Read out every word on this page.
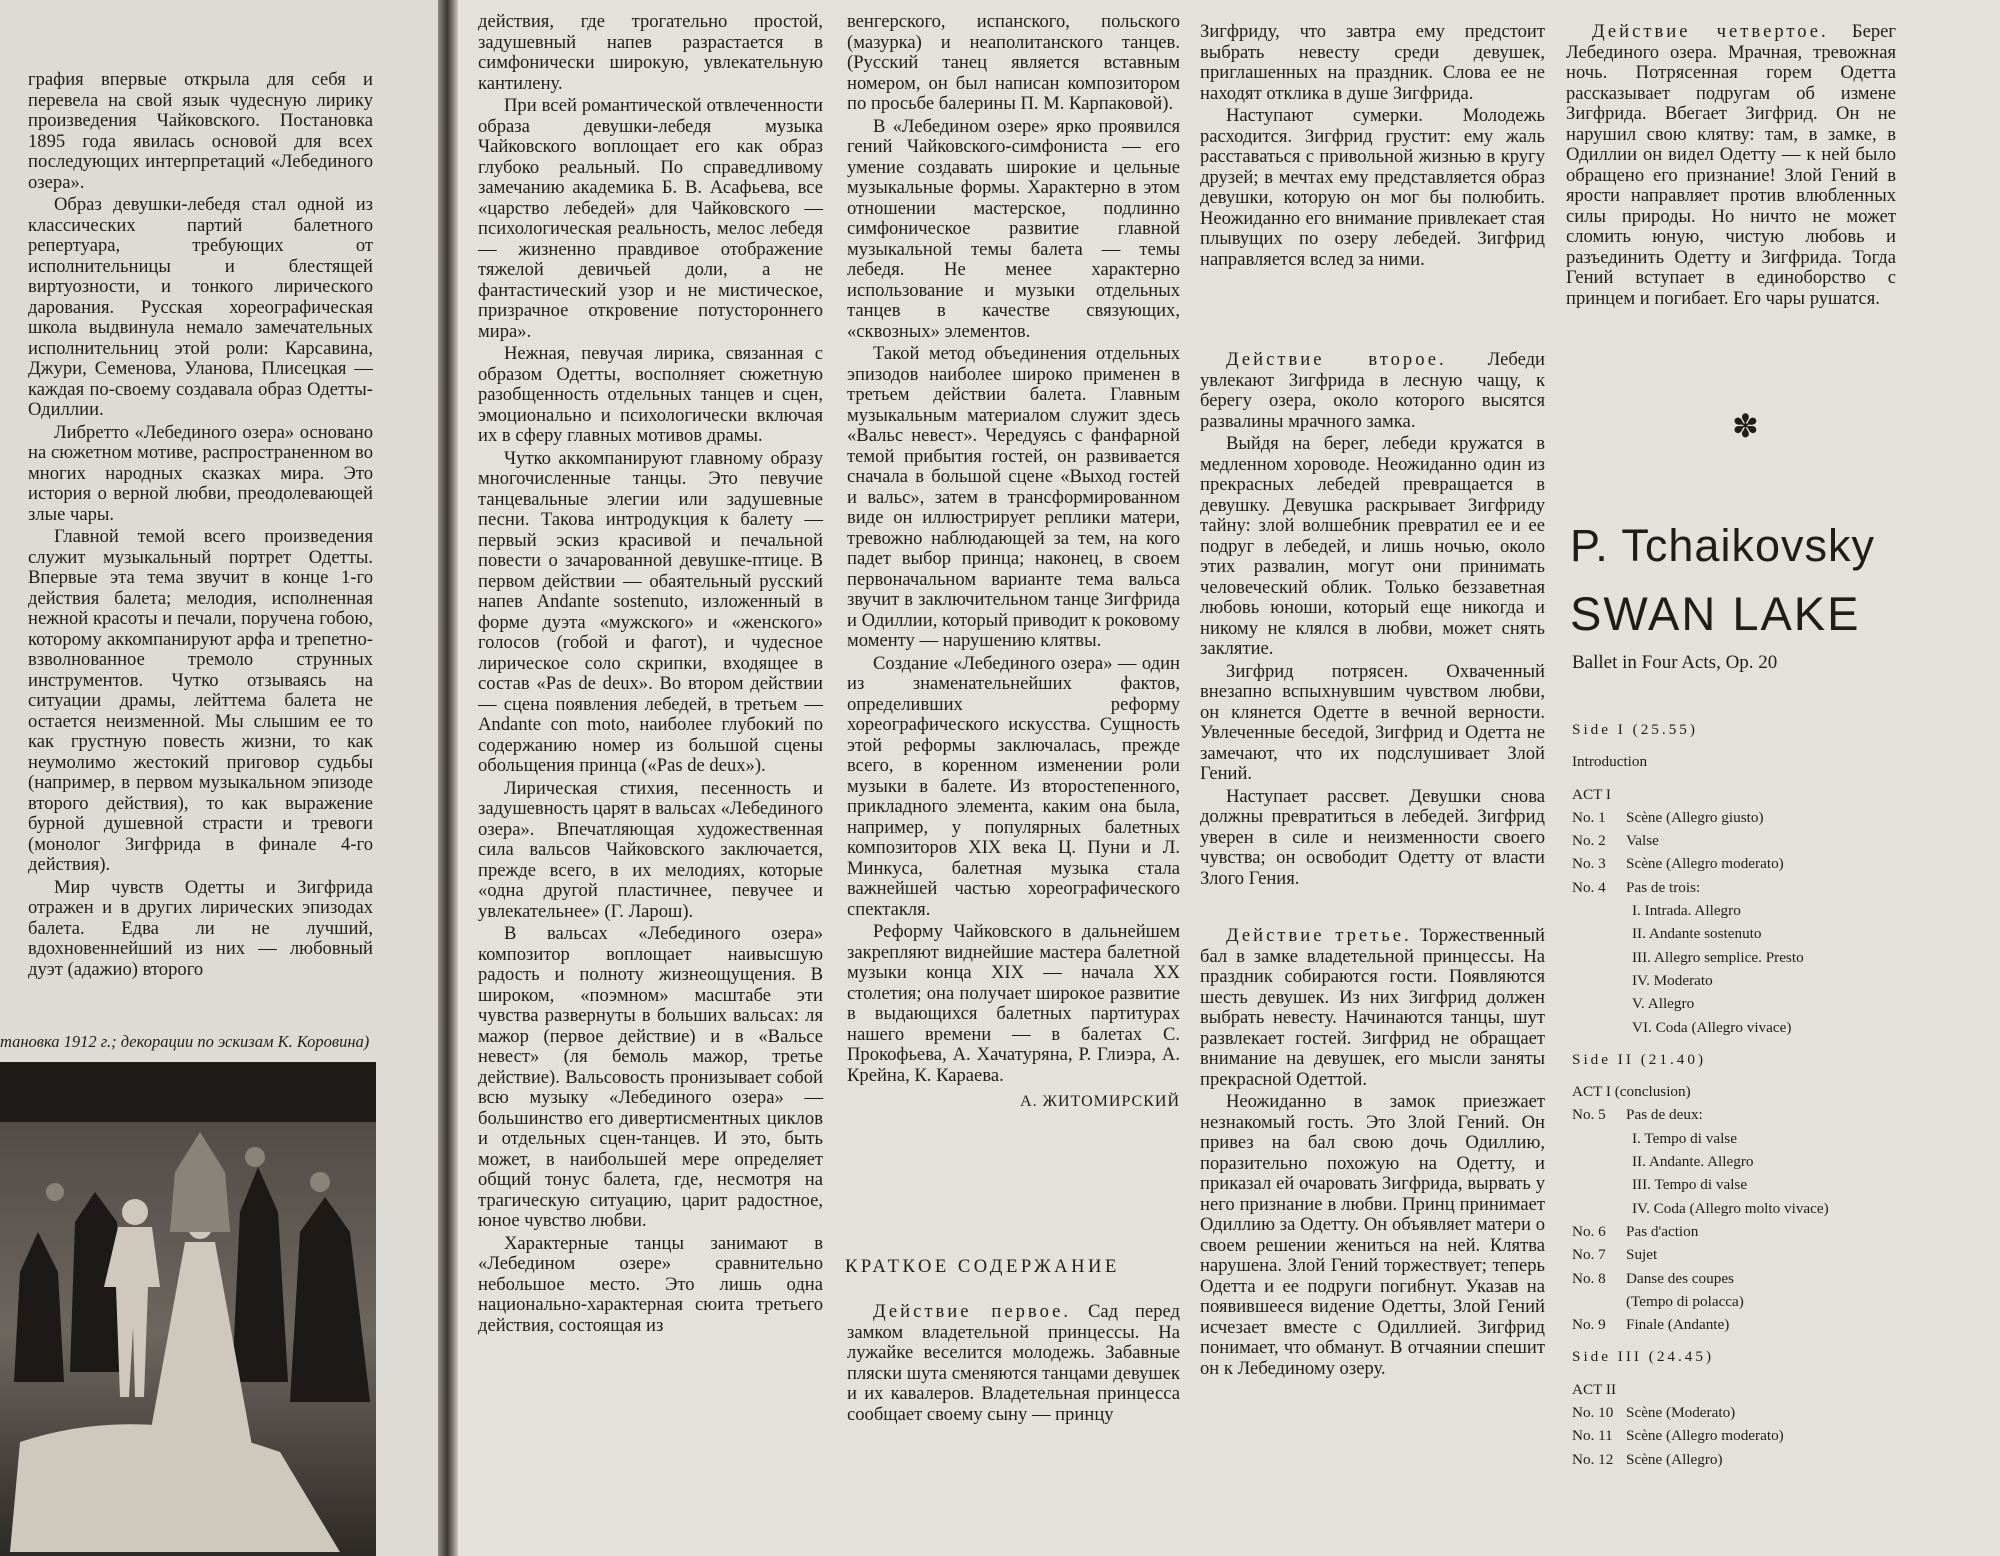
графия впервые открыла для себя и перевела на свой язык чудесную лирику произведения Чайковского. Постановка 1895 года явилась основой для всех последующих интерпретаций «Лебединого озера».

Образ девушки-лебедя стал одной из классических партий балетного репертуара, требующих от исполнительницы и блестящей виртуозности, и тонкого лирического дарования. Русская хореографическая школа выдвинула немало замечательных исполнительниц этой роли: Карсавина, Джури, Семенова, Уланова, Плисецкая — каждая по-своему создавала образ Одетты-Одиллии.

Либретто «Лебединого озера» основано на сюжетном мотиве, распространенном во многих народных сказках мира. Это история о верной любви, преодолевающей злые чары.

Главной темой всего произведения служит музыкальный портрет Одетты. Впервые эта тема звучит в конце 1-го действия балета; мелодия, исполненная нежной красоты и печали, поручена гобою, которому аккомпанируют арфа и трепетно-взволнованное тремоло струнных инструментов. Чутко отзываясь на ситуации драмы, лейттема балета не остается неизменной. Мы слышим ее то как грустную повесть жизни, то как неумолимо жестокий приговор судьбы (например, в первом музыкальном эпизоде второго действия), то как выражение бурной душевной страсти и тревоги (монолог Зигфрида в финале 4-го действия).

Мир чувств Одетты и Зигфрида отражен и в других лирических эпизодах балета. Едва ли не лучший, вдохновеннейший из них — любовный дуэт (адажио) второго

тановка 1912 г.; декорации по эскизам К. Коровина)

действия, где трогательно простой, задушевный напев разрастается в симфонически широкую, увлекательную кантилену.

При всей романтической отвлеченности образа девушки-лебедя музыка Чайковского воплощает его как образ глубоко реальный. По справедливому замечанию академика Б. В. Асафьева, все «царство лебедей» для Чайковского — психологическая реальность, мелос лебедя — жизненно правдивое отображение тяжелой девичьей доли, а не фантастический узор и не мистическое, призрачное откровение потустороннего мира».

Нежная, певучая лирика, связанная с образом Одетты, восполняет сюжетную разобщенность отдельных танцев и сцен, эмоционально и психологически включая их в сферу главных мотивов драмы.

Чутко аккомпанируют главному образу многочисленные танцы. Это певучие танцевальные элегии или задушевные песни. Такова интродукция к балету — первый эскиз красивой и печальной повести о зачарованной девушке-птице. В первом действии — обаятельный русский напев Andante sostenuto, изложенный в форме дуэта «мужского» и «женского» голосов (гобой и фагот), и чудесное лирическое соло скрипки, входящее в состав «Pas de deux». Во втором действии — сцена появления лебедей, в третьем — Andante con moto, наиболее глубокий по содержанию номер из большой сцены обольщения принца («Pas de deux»).

Лирическая стихия, песенность и задушевность царят в вальсах «Лебединого озера». Впечатляющая художественная сила вальсов Чайковского заключается, прежде всего, в их мелодиях, которые «одна другой пластичнее, певучее и увлекательнее» (Г. Ларош).

В вальсах «Лебединого озера» композитор воплощает наивысшую радость и полноту жизнеощущения. В широком, «поэмном» масштабе эти чувства развернуты в больших вальсах: ля мажор (первое действие) и в «Вальсе невест» (ля бемоль мажор, третье действие). Вальсовость пронизывает собой всю музыку «Лебединого озера» — большинство его дивертисментных циклов и отдельных сцен-танцев. И это, быть может, в наибольшей мере определяет общий тонус балета, где, несмотря на трагическую ситуацию, царит радостное, юное чувство любви.

Характерные танцы занимают в «Лебедином озере» сравнительно небольшое место. Это лишь одна национально-характерная сюита третьего действия, состоящая из

венгерского, испанского, польского (мазурка) и неаполитанского танцев. (Русский танец является вставным номером, он был написан композитором по просьбе балерины П. М. Карпаковой).

В «Лебедином озере» ярко проявился гений Чайковского-симфониста — его умение создавать широкие и цельные музыкальные формы. Характерно в этом отношении мастерское, подлинно симфоническое развитие главной музыкальной темы балета — темы лебедя. Не менее характерно использование и музыки отдельных танцев в качестве связующих, «сквозных» элементов.

Такой метод объединения отдельных эпизодов наиболее широко применен в третьем действии балета. Главным музыкальным материалом служит здесь «Вальс невест». Чередуясь с фанфарной темой прибытия гостей, он развивается сначала в большой сцене «Выход гостей и вальс», затем в трансформированном виде он иллюстрирует реплики матери, тревожно наблюдающей за тем, на кого падет выбор принца; наконец, в своем первоначальном варианте тема вальса звучит в заключительном танце Зигфрида и Одиллии, который приводит к роковому моменту — нарушению клятвы.

Создание «Лебединого озера» — один из знаменательнейших фактов, определивших реформу хореографического искусства. Сущность этой реформы заключалась, прежде всего, в коренном изменении роли музыки в балете. Из второстепенного, прикладного элемента, каким она была, например, у популярных балетных композиторов XIX века Ц. Пуни и Л. Минкуса, балетная музыка стала важнейшей частью хореографического спектакля.

Реформу Чайковского в дальнейшем закрепляют виднейшие мастера балетной музыки конца XIX — начала XX столетия; она получает широкое развитие в выдающихся балетных партитурах нашего времени — в балетах С. Прокофьева, А. Хачатуряна, Р. Глиэра, А. Крейна, К. Караева.

А. ЖИТОМИРСКИЙ
КРАТКОЕ СОДЕРЖАНИЕ

Действие первое. Сад перед замком владетельной принцессы. На лужайке веселится молодежь. Забавные пляски шута сменяются танцами девушек и их кавалеров. Владетельная принцесса сообщает своему сыну — принцу

Зигфриду, что завтра ему предстоит выбрать невесту среди девушек, приглашенных на праздник. Слова ее не находят отклика в душе Зигфрида.

Наступают сумерки. Молодежь расходится. Зигфрид грустит: ему жаль расставаться с привольной жизнью в кругу друзей; в мечтах ему представляется образ девушки, которую он мог бы полюбить. Неожиданно его внимание привлекает стая плывущих по озеру лебедей. Зигфрид направляется вслед за ними.

Действие второе. Лебеди увлекают Зигфрида в лесную чащу, к берегу озера, около которого высятся развалины мрачного замка.

Выйдя на берег, лебеди кружатся в медленном хороводе. Неожиданно один из прекрасных лебедей превращается в девушку. Девушка раскрывает Зигфриду тайну: злой волшебник превратил ее и ее подруг в лебедей, и лишь ночью, около этих развалин, могут они принимать человеческий облик. Только беззаветная любовь юноши, который еще никогда и никому не клялся в любви, может снять заклятие.

Зигфрид потрясен. Охваченный внезапно вспыхнувшим чувством любви, он клянется Одетте в вечной верности. Увлеченные беседой, Зигфрид и Одетта не замечают, что их подслушивает Злой Гений.

Наступает рассвет. Девушки снова должны превратиться в лебедей. Зигфрид уверен в силе и неизменности своего чувства; он освободит Одетту от власти Злого Гения.

Действие третье. Торжественный бал в замке владетельной принцессы. На праздник собираются гости. Появляются шесть девушек. Из них Зигфрид должен выбрать невесту. Начинаются танцы, шут развлекает гостей. Зигфрид не обращает внимание на девушек, его мысли заняты прекрасной Одеттой.

Неожиданно в замок приезжает незнакомый гость. Это Злой Гений. Он привез на бал свою дочь Одиллию, поразительно похожую на Одетту, и приказал ей очаровать Зигфрида, вырвать у него признание в любви. Принц принимает Одиллию за Одетту. Он объявляет матери о своем решении жениться на ней. Клятва нарушена. Злой Гений торжествует; теперь Одетта и ее подруги погибнут. Указав на появившееся видение Одетты, Злой Гений исчезает вместе с Одиллией. Зигфрид понимает, что обманут. В отчаянии спешит он к Лебединому озеру.

Действие четвертое. Берег Лебединого озера. Мрачная, тревожная ночь. Потрясенная горем Одетта рассказывает подругам об измене Зигфрида. Вбегает Зигфрид. Он не нарушил свою клятву: там, в замке, в Одиллии он видел Одетту — к ней было обращено его признание! Злой Гений в ярости направляет против влюбленных силы природы. Но ничто не может сломить юную, чистую любовь и разъединить Одетту и Зигфрида. Тогда Гений вступает в единоборство с принцем и погибает. Его чары рушатся.

✽
P. Tchaikovsky
SWAN LAKE
Ballet in Four Acts, Op. 20
Side I (25.55)
Introduction
ACT I
No. 1	Scène (Allegro giusto)
No. 2	Valse
No. 3	Scène (Allegro moderato)
No. 4	Pas de trois:
I. Intrada. Allegro
II. Andante sostenuto
III. Allegro semplice. Presto
IV. Moderato
V. Allegro
VI. Coda (Allegro vivace)
Side II (21.40)
ACT I (conclusion)
No. 5	Pas de deux:
I. Tempo di valse
II. Andante. Allegro
III. Tempo di valse
IV. Coda (Allegro molto vivace)
No. 6	Pas d'action
No. 7	Sujet
No. 8	Danse des coupes
(Tempo di polacca)
No. 9	Finale (Andante)
Side III (24.45)
ACT II
No. 10 Scène (Moderato)
No. 11 Scène (Allegro moderato)
No. 12 Scène (Allegro)
